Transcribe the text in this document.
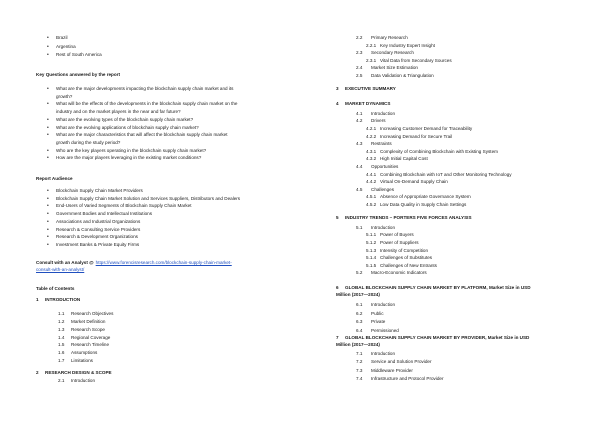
• Brazil
• Argentina
• Rest of South America
Key Questions answered by the report
• What are the major developments impacting the blockchain supply chain market and its
growth?
• What will be the effects of the developments in the blockchain supply chain market on the
industry and on the market players in the near and far future?
• What are the evolving types of the blockchain supply chain market?
• What are the evolving applications of blockchain supply chain market?
• What are the major characteristics that will affect the blockchain supply chain market
growth during the study period?
• Who are the key players operating in the blockchain supply chain market?
• How are the major players leveraging in the existing market conditions?
Report Audience
• Blockchain Supply Chain Market Providers
• Blockchain Supply Chain Market Solution and Services Suppliers, Distributors and Dealers
• End-Users of Varied Segments of Blockchain Supply Chain Market
• Government Bodies and Intellectual Institutions
• Associations and Industrial Organizations
• Research & Consulting Service Providers
• Research & Development Organizations
• Investment Banks & Private Equity Firms
Consult with an Analyst @ https://www.forencisresearch.com/blockchain-supply-chain-market-
consult-with-an-analyst/
Table of Contents
1 INTRODUCTION
1.1 Research Objectives
1.2 Market Definition
1.3 Research Scope
1.4 Regional Coverage
1.5 Research Timeline
1.6 Assumptions
1.7 Limitations
2 RESEARCH DESIGN & SCOPE
2.1 Introduction
2.2 Primary Research
2.2.1 Key Industry Expert Insight
2.3 Secondary Research
2.3.1 Vital Data from Secondary Sources
2.4 Market Size Estimation
2.5 Data Validation & Triangulation
3 EXECUTIVE SUMMARY
4 MARKET DYNAMICS
4.1 Introduction
4.2 Drivers
4.2.1 Increasing Customer Demand for Traceability
4.2.2 Increasing Demand for Secure Trail
4.3 Restraints
4.3.1 Complexity of Combining Blockchain with Existing System
4.3.2 High Initial Capital Cost
4.4 Opportunities
4.4.1 Combining Blockchain with IoT and Other Monitoring Technology
4.4.2 Virtual On-Demand Supply Chain
4.5 Challenges
4.5.1 Absence of Appropriate Governance System
4.5.2 Low Data Quality in Supply Chain Settings
5 INDUSTRY TRENDS – PORTERS FIVE FORCES ANALYSIS
5.1 Introduction
5.1.1 Power of Buyers
5.1.2 Power of Suppliers
5.1.3 Intensity of Competition
5.1.4 Challenges of Substitutes
5.1.5 Challenges of New Entrants
5.2 Macro-Economic Indicators
6 GLOBAL BLOCKCHAIN SUPPLY CHAIN MARKET BY PLATFORM, Market Size in USD
Million (2017—2024)
6.1 Introduction
6.2 Public
6.3 Private
6.4 Permissioned
7 GLOBAL BLOCKCHAIN SUPPLY CHAIN MARKET BY PROVIDER, Market Size in USD
Million (2017—2024)
7.1 Introduction
7.2 Service and Solution Provider
7.3 Middleware Provider
7.4 Infrastructure and Protocol Provider
